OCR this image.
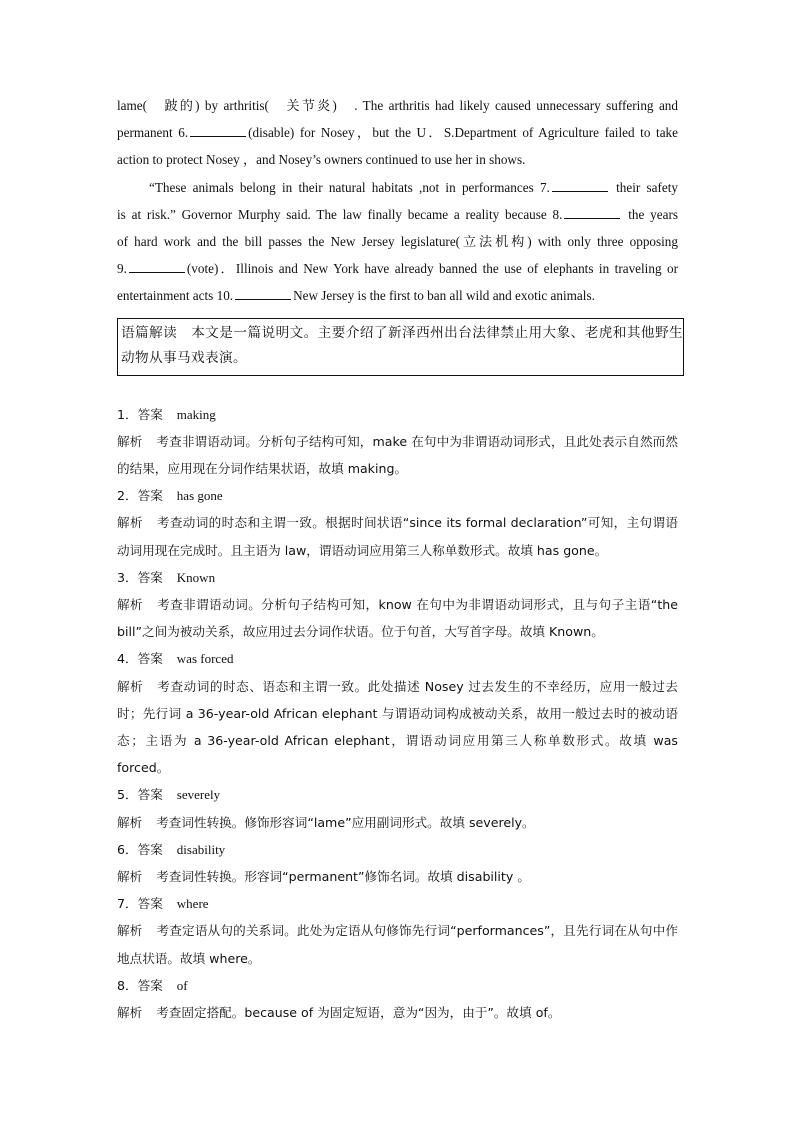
lame(　跛的) by arthritis(　关节炎)　. The arthritis had likely caused unnecessary suffering and
permanent 6.	(disable) for Nosey，but the U．S.Department of Agriculture failed to take
action to protect Nosey ，and Nosey’s owners continued to use her in shows.
“These animals belong in their natural habitats ,not in performances 7.	their safety
is at risk.” Governor Murphy said. The law finally became a reality because 8.	the years
of hard work and the bill passes the New Jersey legislature(立法机构) with only three opposing
9.	(vote)．Illinois and New York have already banned the use of elephants in traveling or
entertainment acts 10.	New Jersey is the first to ban all wild and exotic animals.
语篇解读　本文是一篇说明文。主要介绍了新泽西州出台法律禁止用大象、老虎和其他野生
动物从事马戏表演。
1．答案 making
解析 考查非谓语动词。分析句子结构可知，make 在句中为非谓语动词形式，且此处表示自然而然的结果，应用现在分词作结果状语，故填 making。
2．答案 has gone
解析 考查动词的时态和主谓一致。根据时间状语“since its formal declaration”可知，主句谓语动词用现在完成时。且主语为 law，谓语动词应用第三人称单数形式。故填 has gone。
3．答案 Known
解析 考查非谓语动词。分析句子结构可知，know 在句中为非谓语动词形式，且与句子主语“the bill”之间为被动关系，故应用过去分词作状语。位于句首，大写首字母。故填 Known。
4．答案 was forced
解析 考查动词的时态、语态和主谓一致。此处描述 Nosey 过去发生的不幸经历，应用一般过去时；先行词 a 36-year-old African elephant 与谓语动词构成被动关系，故用一般过去时的被动语态；主语为 a 36-year-old African elephant，谓语动词应用第三人称单数形式。故填 was forced。
5．答案 severely
解析 考查词性转换。修饰形容词“lame”应用副词形式。故填 severely。
6．答案 disability
解析 考查词性转换。形容词“permanent”修饰名词。故填 disability 。
7．答案 where
解析 考查定语从句的关系词。此处为定语从句修饰先行词“performances”，且先行词在从句中作地点状语。故填 where。
8．答案 of
解析 考查固定搭配。because of 为固定短语，意为“因为，由于”。故填 of。
